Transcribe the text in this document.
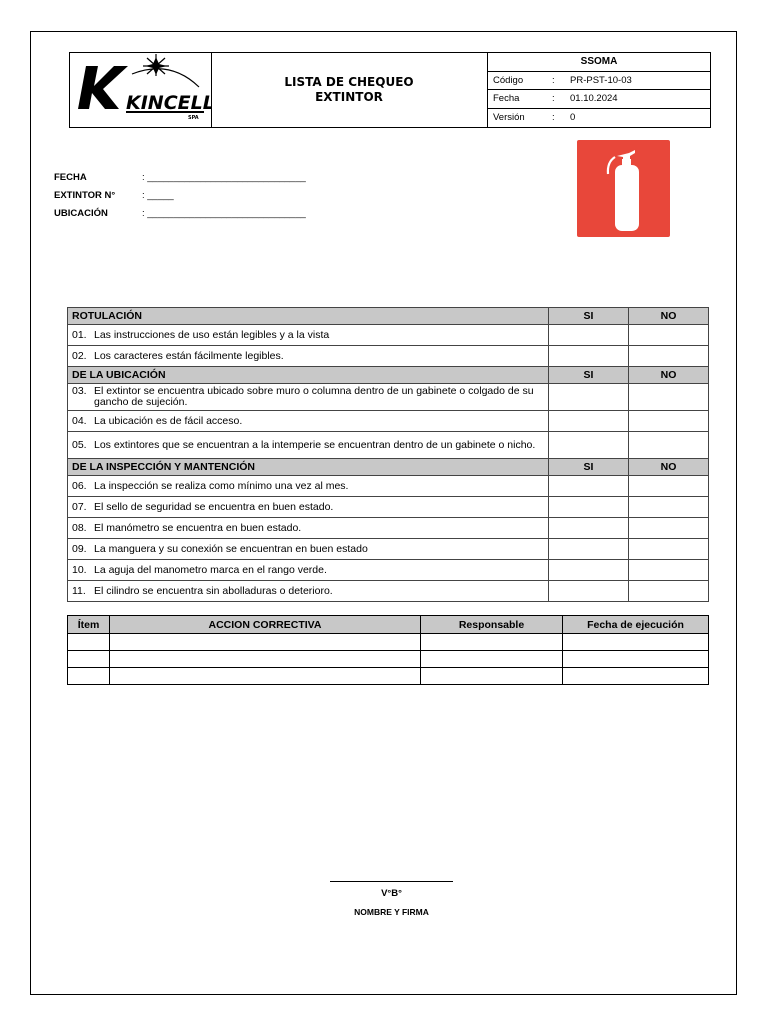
KINCELL
SPA
LISTA DE CHEQUEO
EXTINTOR
SSOMA
Código	:	PR-PST-10-03
Fecha	:	01.10.2024
Versión	:	0
FECHA	: ______________________________
EXTINTOR N°	: _____
UBICACIÓN	: ______________________________
ROTULACIÓN	SI	NO
01. Las instrucciones de uso están legibles y a la vista		
02. Los caracteres están fácilmente legibles.		
DE LA UBICACIÓN	SI	NO

03. El extintor se encuentra ubicado sobre muro o columna dentro de un gabinete o colgado de su gancho de sujeción.		

04. La ubicación es de fácil acceso.		

05. Los extintores que se encuentran a la intemperie se encuentran dentro de un gabinete o nicho.		

DE LA INSPECCIÓN Y MANTENCIÓN	SI	NO
06. La inspección se realiza como mínimo una vez al mes.		
07. El sello de seguridad se encuentra en buen estado.		
08. El manómetro se encuentra en buen estado.		
09. La manguera y su conexión se encuentran en buen estado		
10. La aguja del manometro marca en el rango verde.		
11. El cilindro se encuentra sin abolladuras o deterioro.		
Ítem	ACCION CORRECTIVA	Responsable	Fecha de ejecución

V°B°
NOMBRE Y FIRMA
